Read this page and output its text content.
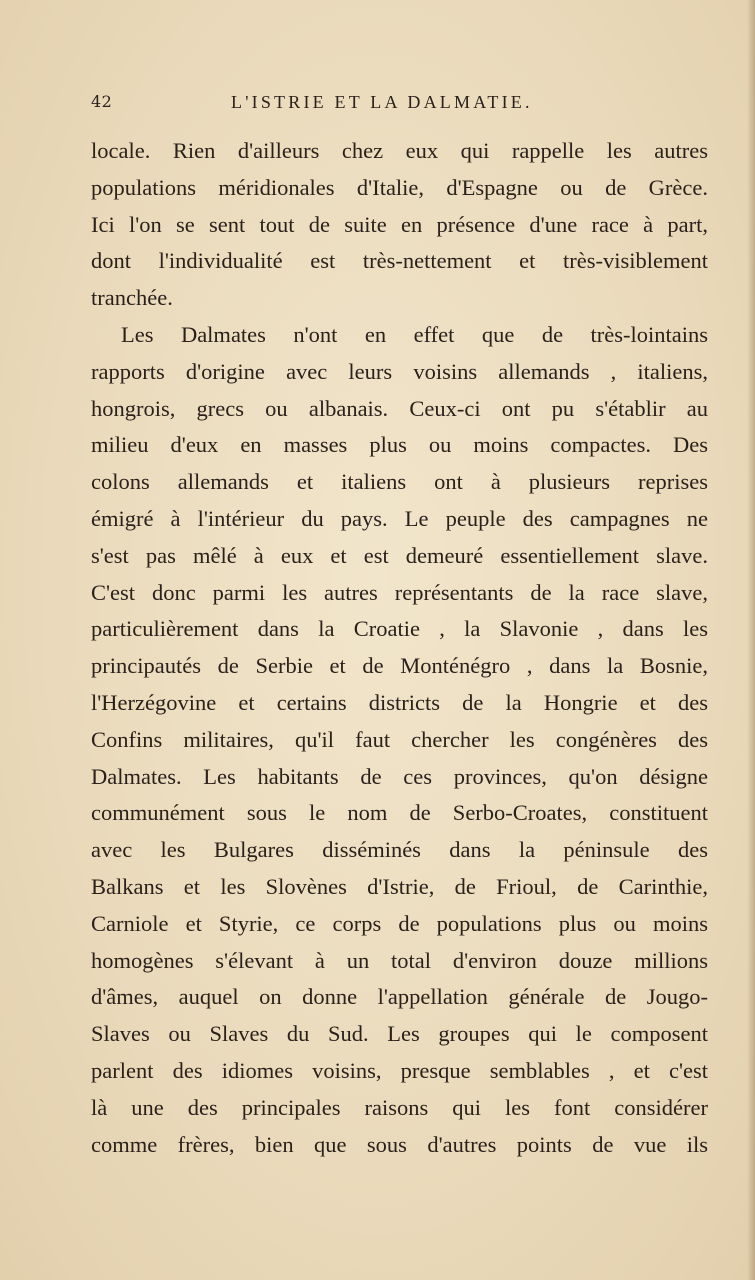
42	L'ISTRIE ET LA DALMATIE.
locale. Rien d'ailleurs chez eux qui rappelle les autres
populations méridionales d'Italie, d'Espagne ou de Grèce.
Ici l'on se sent tout de suite en présence d'une race à part,
dont l'individualité est très-nettement et très-visiblement
tranchée.
Les Dalmates n'ont en effet que de très-lointains
rapports d'origine avec leurs voisins allemands , italiens,
hongrois, grecs ou albanais. Ceux-ci ont pu s'établir au
milieu d'eux en masses plus ou moins compactes. Des
colons allemands et italiens ont à plusieurs reprises
émigré à l'intérieur du pays. Le peuple des campagnes ne
s'est pas mêlé à eux et est demeuré essentiellement slave.
C'est donc parmi les autres représentants de la race slave,
particulièrement dans la Croatie , la Slavonie , dans les
principautés de Serbie et de Monténégro , dans la Bosnie,
l'Herzégovine et certains districts de la Hongrie et des
Confins militaires, qu'il faut chercher les congénères des
Dalmates. Les habitants de ces provinces, qu'on désigne
communément sous le nom de Serbo-Croates, constituent
avec les Bulgares disséminés dans la péninsule des
Balkans et les Slovènes d'Istrie, de Frioul, de Carinthie,
Carniole et Styrie, ce corps de populations plus ou moins
homogènes s'élevant à un total d'environ douze millions
d'âmes, auquel on donne l'appellation générale de Jougo-
Slaves ou Slaves du Sud. Les groupes qui le composent
parlent des idiomes voisins, presque semblables , et c'est
là une des principales raisons qui les font considérer
comme frères, bien que sous d'autres points de vue ils
